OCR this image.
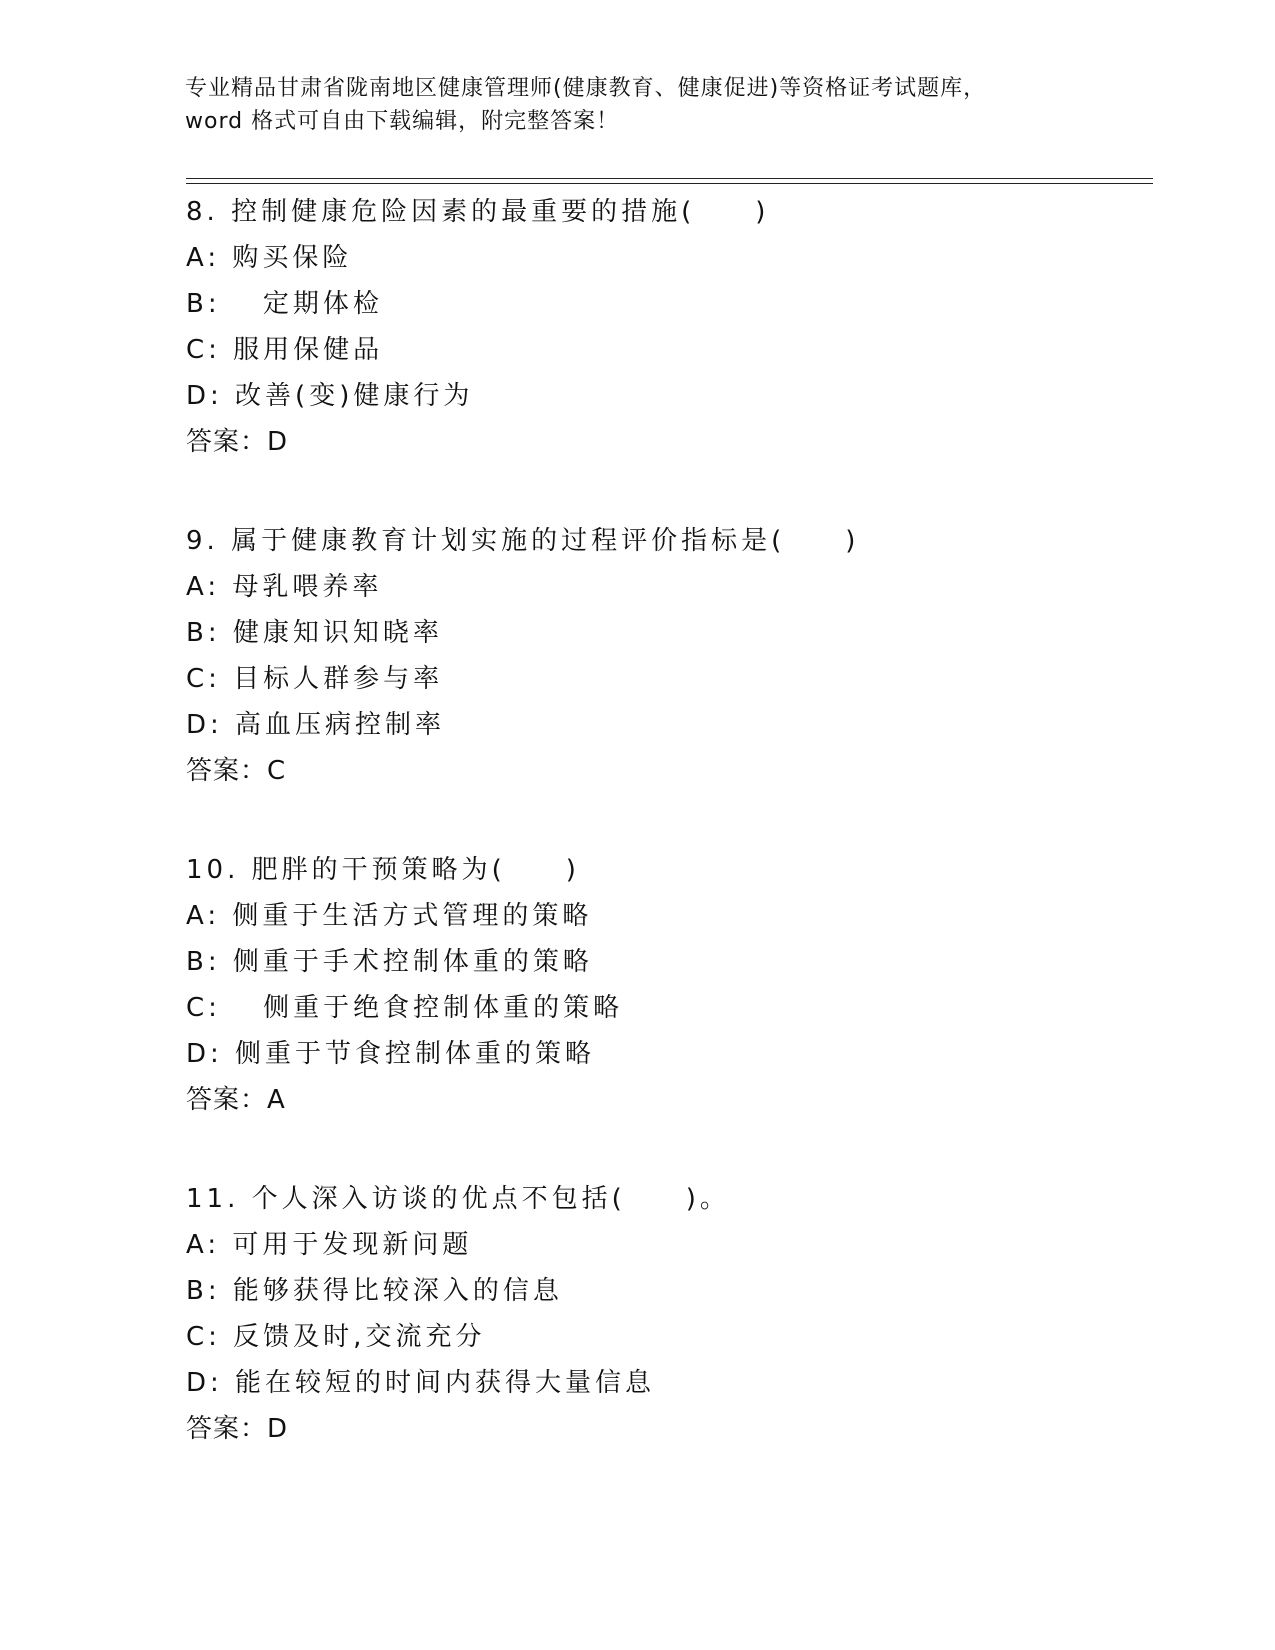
专业精品甘肃省陇南地区健康管理师(健康教育、健康促进)等资格证考试题库，
word 格式可自由下载编辑，附完整答案！
8. 控制健康危险因素的最重要的措施(　　)
A: 购买保险
B: 　定期体检
C: 服用保健品
D: 改善(变)健康行为
答案：D
9. 属于健康教育计划实施的过程评价指标是(　　)
A: 母乳喂养率
B: 健康知识知晓率
C: 目标人群参与率
D: 高血压病控制率
答案：C
10. 肥胖的干预策略为(　　)
A: 侧重于生活方式管理的策略
B: 侧重于手术控制体重的策略
C: 　侧重于绝食控制体重的策略
D: 侧重于节食控制体重的策略
答案：A
11. 个人深入访谈的优点不包括(　　)。
A: 可用于发现新问题
B: 能够获得比较深入的信息
C: 反馈及时,交流充分
D: 能在较短的时间内获得大量信息
答案：D
